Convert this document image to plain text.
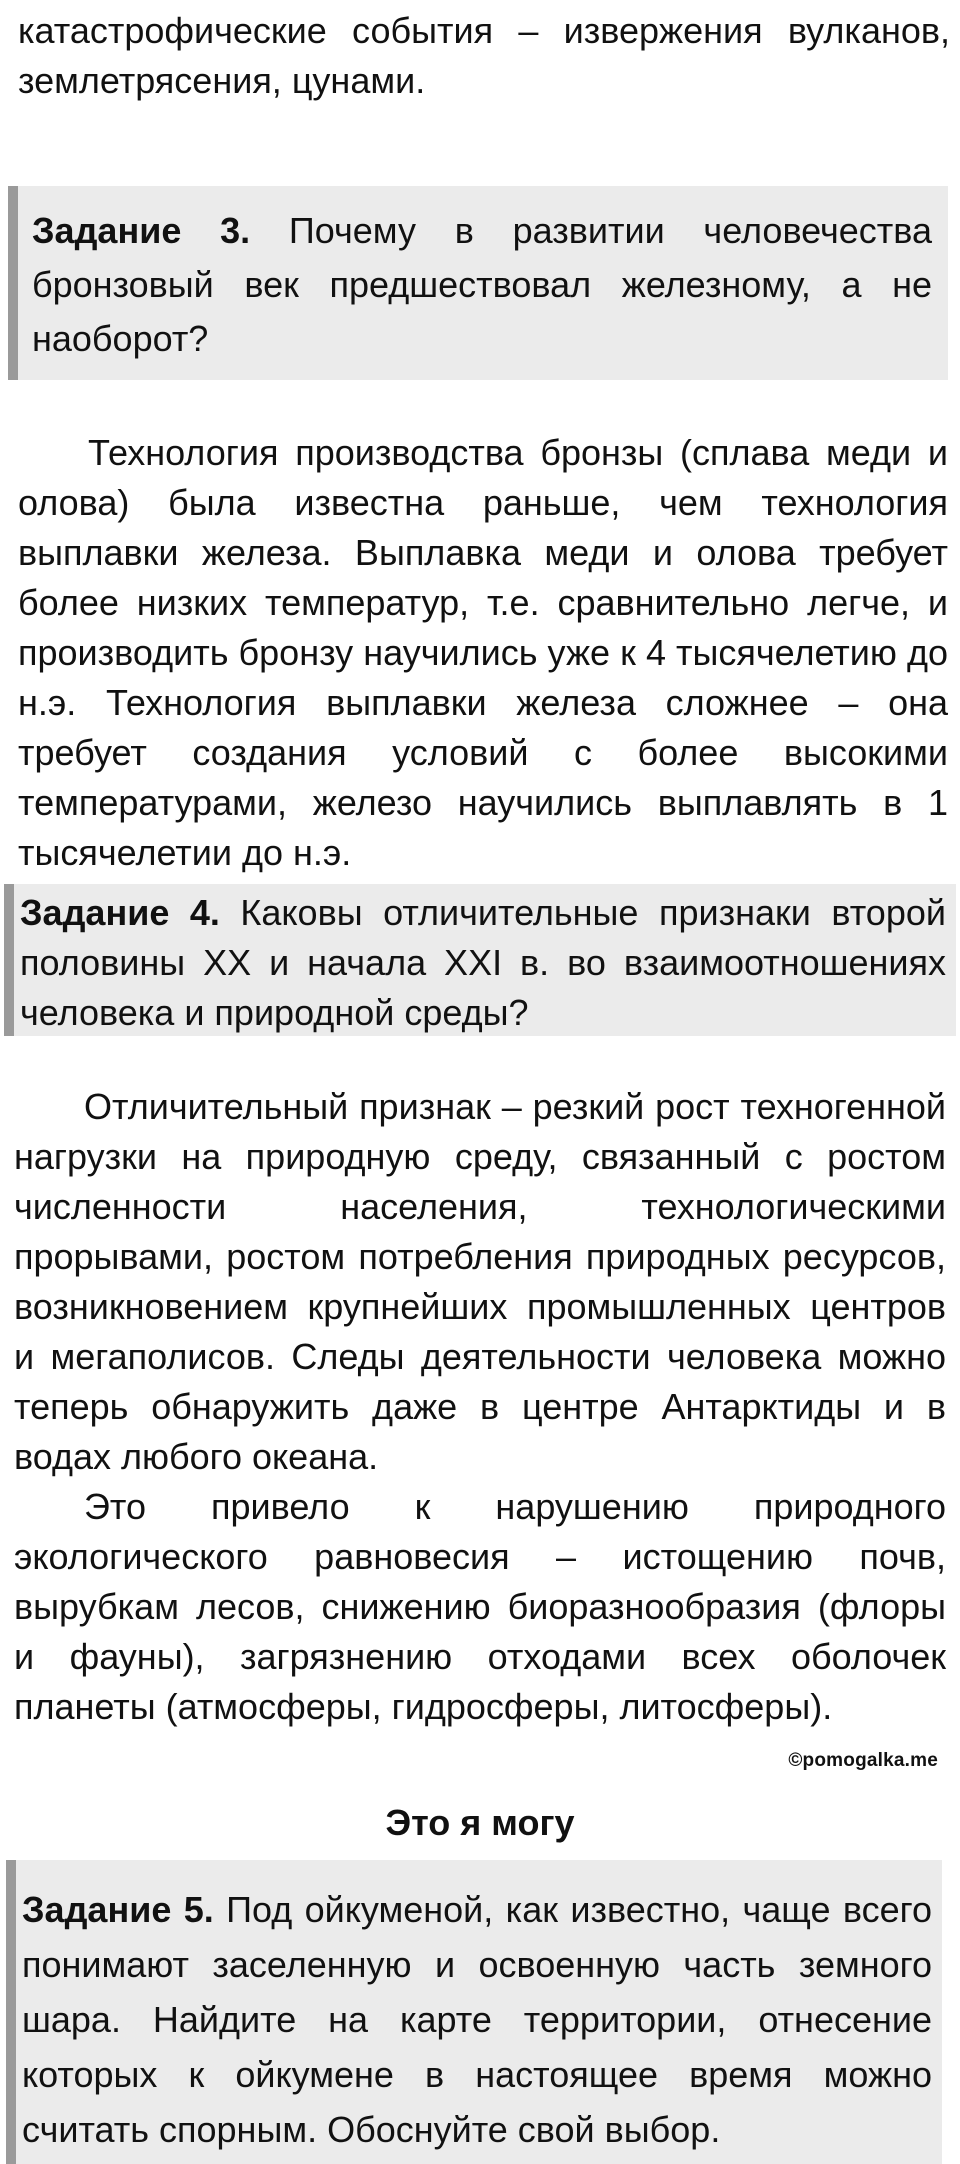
катастрофические события – извержения вулканов, землетрясения, цунами.

Задание 3. Почему в развитии человечества бронзовый век предшествовал железному, а не наоборот?

Технология производства бронзы (сплава меди и олова) была известна раньше, чем технология выплавки железа. Выплавка меди и олова требует более низких температур, т.е. сравнительно легче, и производить бронзу научились уже к 4 тысячелетию до н.э. Технология выплавки железа сложнее – она требует создания условий с более высокими температурами, железо научились выплавлять в 1 тысячелетии до н.э.

Задание 4. Каковы отличительные признаки второй половины XX и начала XXI в. во взаимоотношениях человека и природной среды?

Отличительный признак – резкий рост техногенной нагрузки на природную среду, связанный с ростом численности населения, технологическими прорывами, ростом потребления природных ресурсов, возникновением крупнейших промышленных центров и мегаполисов. Следы деятельности человека можно теперь обнаружить даже в центре Антарктиды и в водах любого океана.

Это привело к нарушению природного экологического равновесия – истощению почв, вырубкам лесов, снижению биоразнообразия (флоры и фауны), загрязнению отходами всех оболочек планеты (атмосферы, гидросферы, литосферы).

©pomogalka.me
Это я могу

Задание 5. Под ойкуменой, как известно, чаще всего понимают заселенную и освоенную часть земного шара. Найдите на карте территории, отнесение которых к ойкумене в настоящее время можно считать спорным. Обоснуйте свой выбор.
